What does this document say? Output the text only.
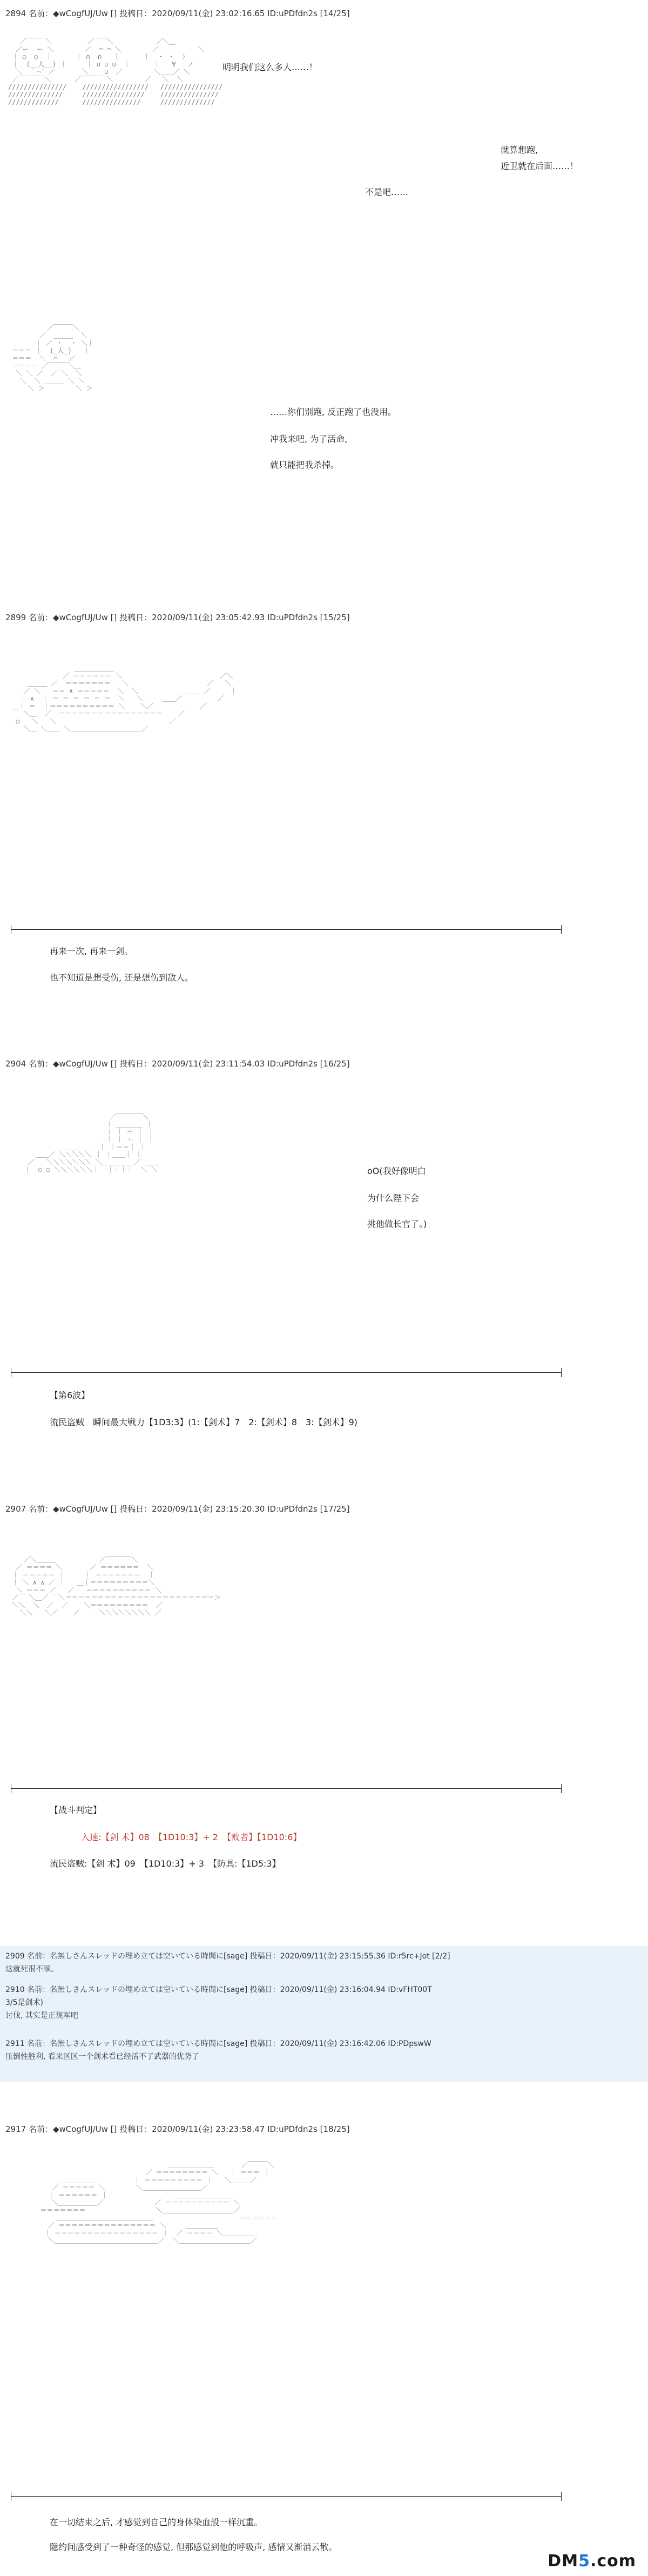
2894 名前：◆wCogfUJ/Uw [] 投稿日：2020/09/11(金) 23:02:16.65 ID:uPDfdn2s [14/25]
／￣￣￣＼         ／￣￣＼           ／＼＿
／ー  ー ＼        ／  ⌒ ⌒ ＼        ／          ＼
｜ ○  ○  ｜      ｜ ∩  ∩   ｜      ｜  ・ ・  ）
｜  (__人__) ｜     ｜ ∪ ∪ ∪  ｜      ｜   ∀   ノ
＼  ｀⌒´ ／       ＼    ∪  ／        ＼＿＿／ ＼
／￣￣￣￣＼      ／￣￣￣￣＼        ／   ＼  ＼
///////////////    /////////////////   ////////////////
//////////////     ////////////////    ///////////////
/////////////      ///////////////     //////////////
明明我们这么多人……！
就算想跑,
近卫就在后面……！
不是吧……
／￣￣￣＼
／  ＿＿＿  ＼
｜ ／ ・  ・ ＼｜
＝＝＝ ｜  (_人_)   ｜
＝＝＝  ＼  ⌒   ／
＝＝＝＝ ／￣￣￣＼＿
＼ ＼ ／  ／ ＼  ＼
＼  ＼ ＿＿＿ ＼ ＼
＼ ＞        ＼ ＞
……你们别跑, 反正跑了也没用。
冲我来吧, 为了活命,
就只能把我杀掉。
2899 名前：◆wCogfUJ/Uw [] 投稿日：2020/09/11(金) 23:05:42.93 ID:uPDfdn2s [15/25]
＿＿＿＿＿＿
／ ＝＝＝＝＝＝ ＼                         ／＼
＿＿＿ ／  ＝＝＝＝＝＝＝   ＼                    ／   ＼
／ ＼   ＝＝ ∧ ＝＝＝＝＝  ＼  ＼            ＿＿＿／     ｜
｜ ∧  ｜ ＝ ＝ ＝ ＝ ＝ ＝  ＼   ＼     ＿＿／         ／
＿｜ ＝  ｜＝＝＝＝＝＝＝＝＝＝ ＼    ＼／            ／
＼＿  ／  ＝＝＝＝＝＝＝＝＝＝＝＝＝＝＝＝    ／
○   ＼   ＼                             ／
＼＿ ＼＿＿ ＼＿＿＿＿＿＿＿＿＿＿＿／
再来一次, 再来一剑。
也不知道是想受伤, 还是想伤到敌人。
2904 名前：◆wCogfUJ/Uw [] 投稿日：2020/09/11(金) 23:11:54.03 ID:uPDfdn2s [16/25]
／￣￣￣￣＼
｜ ＿＿＿＿ ｜
｜ ｜ ＋ ｜ ｜
｜ ｜ ＋ ｜ ｜
＿＿＿＿＿  ｜ ｜＝＝｜ ｜
＿＿／ ＼＼＼＼＼ ｜ ｜＿＿｜ ｜
／   ＼＼＼＼＼＼＼ ＼＿＿＿＿＿／ ＿＿
｜  ○ ○ ＼＼＼＼＼＼｜  ｜｜｜｜  ＼ ＼	oO(我好像明白
为什么陛下会
挑他做长官了。)
【第6波】
流民盗贼　瞬间最大戦力【1D3:3】(1:【剑术】7　2:【剑术】8　3:【剑术】9)
2907 名前：◆wCogfUJ/Uw [] 投稿日：2020/09/11(金) 23:15:20.30 ID:uPDfdn2s [17/25]
／＼＿＿＿           ／￣￣￣￣＼
／ ＝＝＝＝ ＼       ／ ＝＝＝＝＝＝  ＼
｜ ＝＝＝＝＝ ｜     ｜ ＝＝＝＝＝＝＝  ｜
｜ ＼ ∧ ∧ ／ ｜   ＿｜＝＝＝＝＝＝＝＝＝＼
＼ ＝＝＝ ／   ／   ＝＝＝＝＝＝＝＝＝＝ ＼
／￣ ＼＿／ ￣＼＝＝＝＝＝＝＝＝＝＝＝＝＝＝＝＝＝＝＝＝＝＝＝＞
＼＼  ＼  ／  ／    ＼＝＝＝＝＝＝＝＝＝  ／
＼＼   ＼／    ／     ＼＼＼＼＼＼＼＼ ／
【战斗判定】
入速:【剑 术】08　【1D10:3】+ 2　【败者】【1D10:6】
流民盗贼:【剑 术】09　【1D10:3】+ 3　【防具:【1D5:3】
2909 名前：名無しさんスレッドの埋め立ては空いている時間に[sage] 投稿日：2020/09/11(金) 23:15:55.36 ID:r5rc+Jot [2/2]
这就死很不顺。
2910 名前：名無しさんスレッドの埋め立ては空いている時間に[sage] 投稿日：2020/09/11(金) 23:16:04.94 ID:vFHT00T
3/5是剑术)
讨伐, 其实是正规军吧
2911 名前：名無しさんスレッドの埋め立ては空いている時間に[sage] 投稿日：2020/09/11(金) 23:16:42.06 ID:PDpswW
压倒性胜利, 看来区区一个剑术看已经活不了武器的优势了
2917 名前：◆wCogfUJ/Uw [] 投稿日：2020/09/11(金) 23:23:58.47 ID:uPDfdn2s [18/25]
＿＿＿＿＿＿＿       ／￣￣￣＼
／ ＝＝＝＝＝＝＝＝ ＼   ｜ ＝＝＝ ｜
＿＿＿＿＿＿         ｜ ＝＝＝＝＝＝＝＝＝ ｜   ＼＿＿＿／
／ ＝＝＝＝＝ ＼        ＼＿＿＿＿＿＿＿＿＿／
｜ ＝＝＝＝＝＝ ｜                 ＿＿＿＿＿＿＿＿＿
＼＿＿＿＿＿＿／             ／ ＝＝＝＝＝＝＝＝＝＝ ＼
＝＝＝＝＝＝＝                  ＼＿＿＿＿＿＿＿＿＿＿＿／
＿＿＿＿＿＿＿＿＿＿＿＿＿＿＿                      ＝＝＝＝＝＝
／ ＝＝＝＝＝＝＝＝＝＝＝＝＝＝＝ ＼     ＿＿＿＿＿
｜ ＝＝＝＝＝＝＝＝＝＝＝＝＝＝＝＝ ｜  ／ ＝＝＝＝ ＼＿＿＿＿＿
＼＿＿＿＿＿＿＿＿＿＿＿＿＿＿＿＿／  ＼＿＿＿＿＿＿＿＿＿＿＿／
在一切结束之后, 才感觉到自己的身体染血般一样沉重。
隐约间感受到了一种奇怪的感觉, 但那感觉到他的呼吸声, 感情又渐消云散。
DM5.com
